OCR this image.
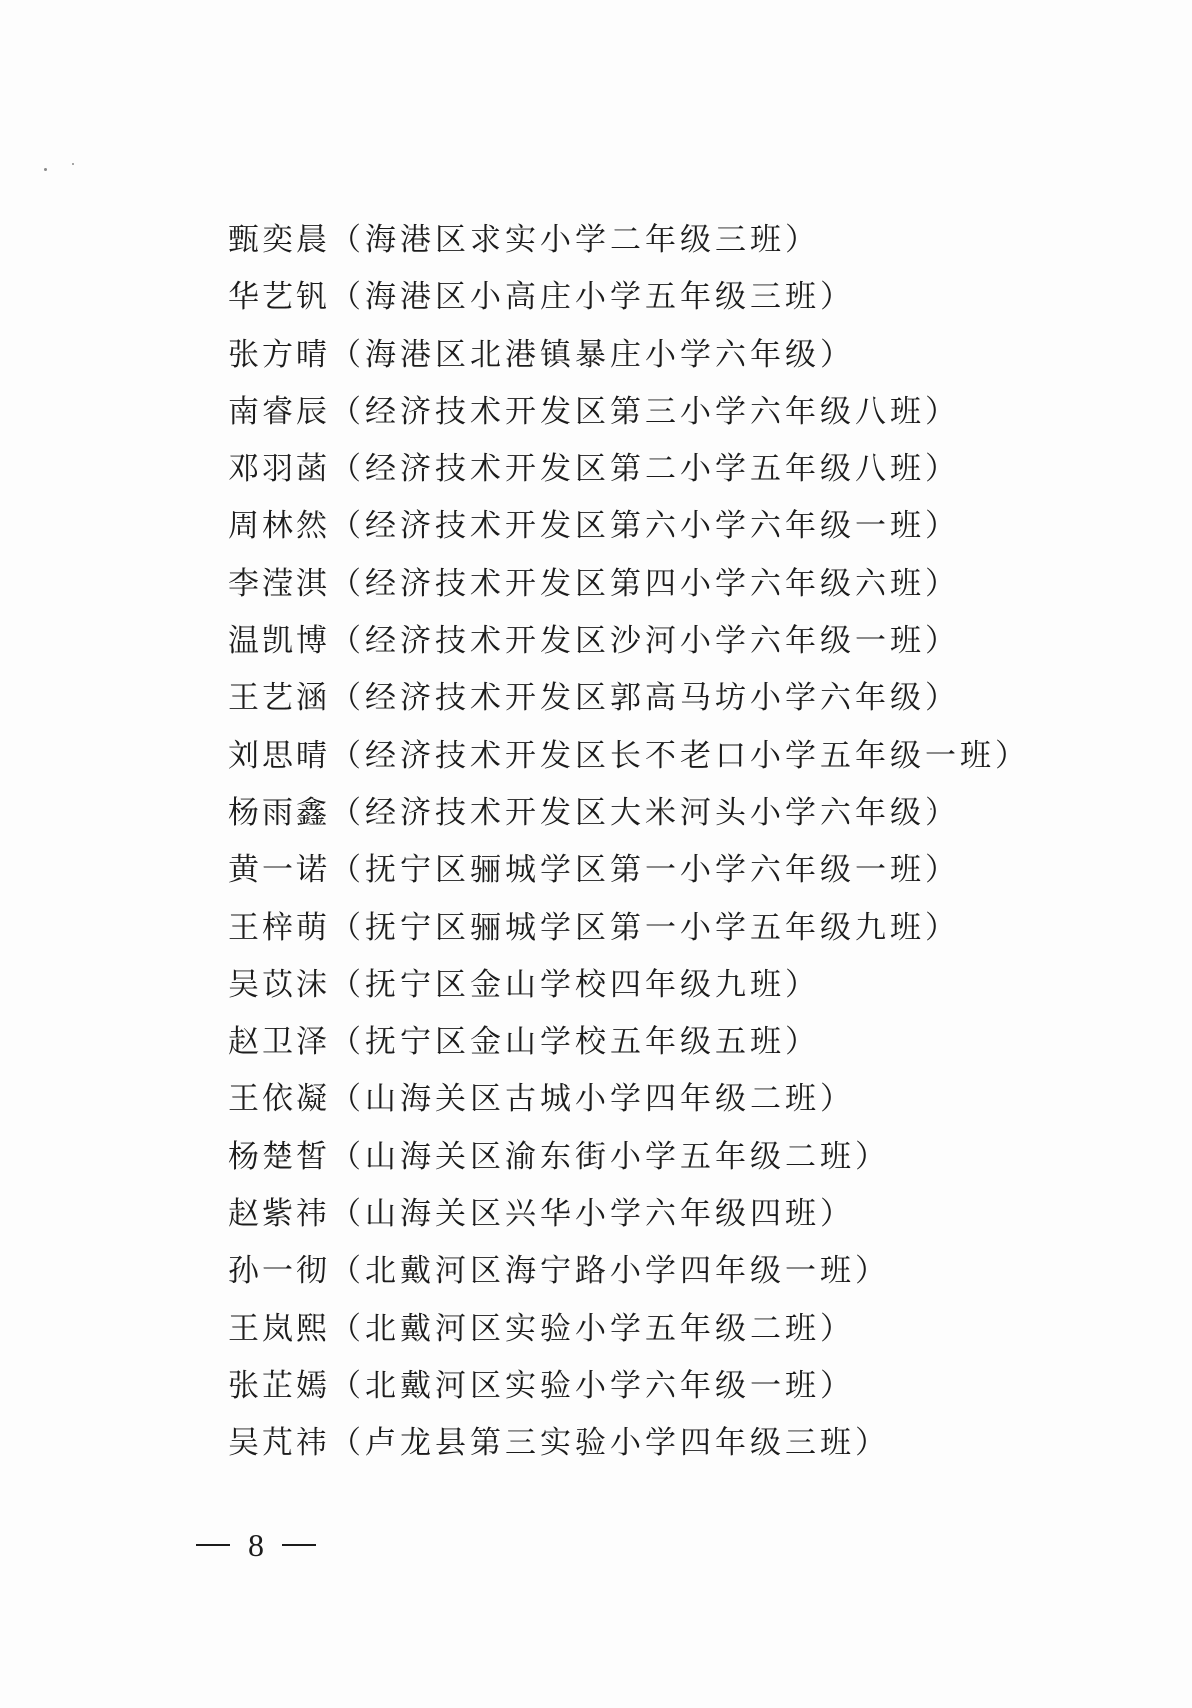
甄奕晨（海港区求实小学二年级三班）
华艺钒（海港区小高庄小学五年级三班）
张方晴（海港区北港镇暴庄小学六年级）
南睿辰（经济技术开发区第三小学六年级八班）
邓羽菡（经济技术开发区第二小学五年级八班）
周林然（经济技术开发区第六小学六年级一班）
李滢淇（经济技术开发区第四小学六年级六班）
温凯博（经济技术开发区沙河小学六年级一班）
王艺涵（经济技术开发区郭高马坊小学六年级）
刘思晴（经济技术开发区长不老口小学五年级一班）
杨雨鑫（经济技术开发区大米河头小学六年级）
黄一诺（抚宁区骊城学区第一小学六年级一班）
王梓萌（抚宁区骊城学区第一小学五年级九班）
吴苡沫（抚宁区金山学校四年级九班）
赵卫泽（抚宁区金山学校五年级五班）
王依凝（山海关区古城小学四年级二班）
杨楚皙（山海关区渝东街小学五年级二班）
赵紫祎（山海关区兴华小学六年级四班）
孙一彻（北戴河区海宁路小学四年级一班）
王岚熙（北戴河区实验小学五年级二班）
张芷嫣（北戴河区实验小学六年级一班）
吴芃祎（卢龙县第三实验小学四年级三班）
8
